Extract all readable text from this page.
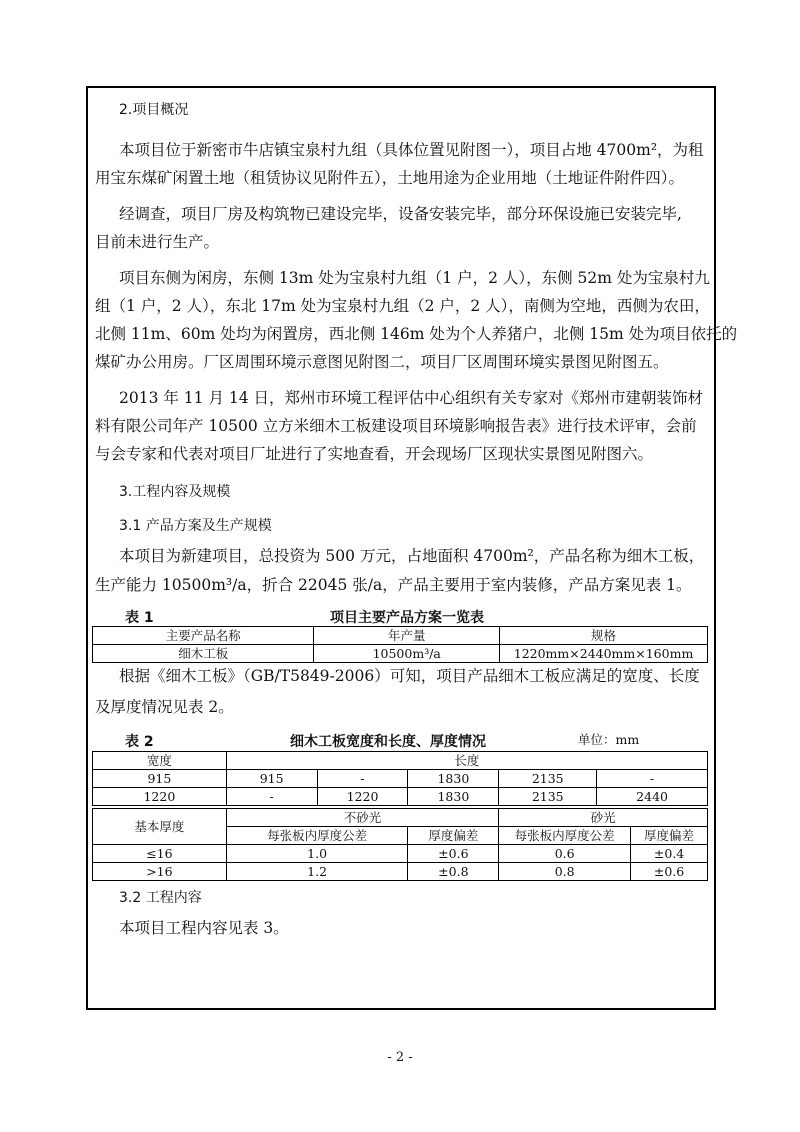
2.项目概况
本项目位于新密市牛店镇宝泉村九组（具体位置见附图一），项目占地 4700m²，为租
用宝东煤矿闲置土地（租赁协议见附件五），土地用途为企业用地（土地证件附件四）。
经调查，项目厂房及构筑物已建设完毕，设备安装完毕，部分环保设施已安装完毕,
目前未进行生产。
项目东侧为闲房，东侧 13m 处为宝泉村九组（1 户，2 人），东侧 52m 处为宝泉村九
组（1 户，2 人），东北 17m 处为宝泉村九组（2 户，2 人），南侧为空地，西侧为农田，
北侧 11m、60m 处均为闲置房，西北侧 146m 处为个人养猪户，北侧 15m 处为项目依托的
煤矿办公用房。厂区周围环境示意图见附图二，项目厂区周围环境实景图见附图五。
2013 年 11 月 14 日，郑州市环境工程评估中心组织有关专家对《郑州市建朝装饰材
料有限公司年产 10500 立方米细木工板建设项目环境影响报告表》进行技术评审，会前
与会专家和代表对项目厂址进行了实地查看，开会现场厂区现状实景图见附图六。
3.工程内容及规模
3.1 产品方案及生产规模
本项目为新建项目，总投资为 500 万元，占地面积 4700m²，产品名称为细木工板，
生产能力 10500m³/a，折合 22045 张/a，产品主要用于室内装修，产品方案见表 1。
表 1	项目主要产品方案一览表
主要产品名称	年产量	规格
细木工板	10500m³/a	1220mm×2440mm×160mm
根据《细木工板》（GB/T5849-2006）可知，项目产品细木工板应满足的宽度、长度
及厚度情况见表 2。
表 2	细木工板宽度和长度、厚度情况	单位：mm
宽度	长度				
915	915	-	1830	2135	-
1220	-	1220	1830	2135	2440
基本厚度	不砂光		砂光	
	每张板内厚度公差	厚度偏差	每张板内厚度公差	厚度偏差
≤16	1.0	±0.6	0.6	±0.4
>16	1.2	±0.8	0.8	±0.6
3.2 工程内容
本项目工程内容见表 3。
- 2 -
